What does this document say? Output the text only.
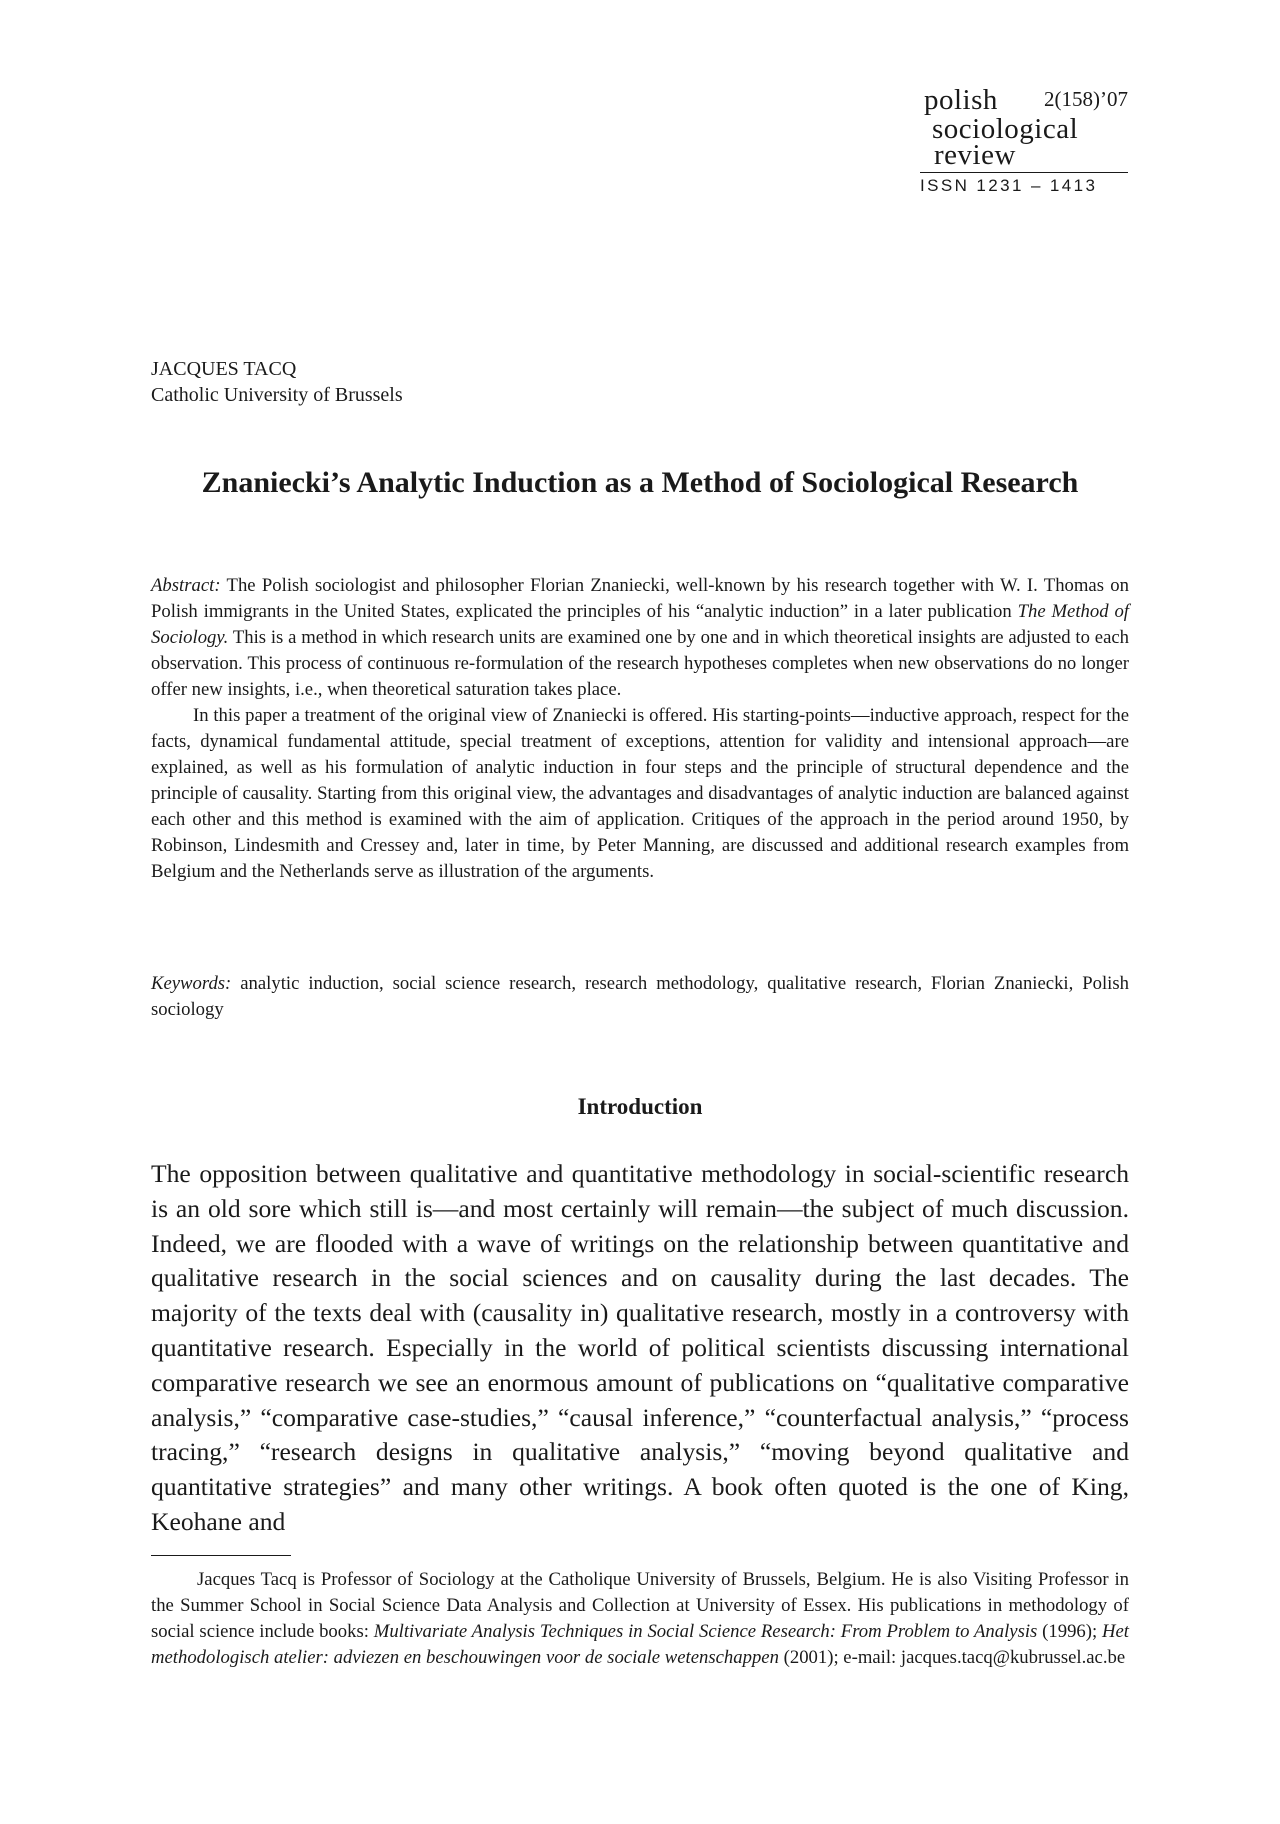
polish 2(158)’07
sociological
review
ISSN 1231 – 1413
JACQUES TACQ
Catholic University of Brussels
Znaniecki’s Analytic Induction as a Method of Sociological Research

Abstract: The Polish sociologist and philosopher Florian Znaniecki, well-known by his research together with W. I. Thomas on Polish immigrants in the United States, explicated the principles of his “analytic induction” in a later publication The Method of Sociology. This is a method in which research units are examined one by one and in which theoretical insights are adjusted to each observation. This process of continuous re-formulation of the research hypotheses completes when new observations do no longer offer new insights, i.e., when theoretical saturation takes place.

In this paper a treatment of the original view of Znaniecki is offered. His starting-points—inductive approach, respect for the facts, dynamical fundamental attitude, special treatment of exceptions, attention for validity and intensional approach—are explained, as well as his formulation of analytic induction in four steps and the principle of structural dependence and the principle of causality. Starting from this original view, the advantages and disadvantages of analytic induction are balanced against each other and this method is examined with the aim of application. Critiques of the approach in the period around 1950, by Robinson, Lindesmith and Cressey and, later in time, by Peter Manning, are discussed and additional research examples from Belgium and the Netherlands serve as illustration of the arguments.

Keywords: analytic induction, social science research, research methodology, qualitative research, Florian Znaniecki, Polish sociology

Introduction

The opposition between qualitative and quantitative methodology in social-scientific research is an old sore which still is—and most certainly will remain—the subject of much discussion. Indeed, we are flooded with a wave of writings on the relationship between quantitative and qualitative research in the social sciences and on causality during the last decades. The majority of the texts deal with (causality in) qualitative research, mostly in a controversy with quantitative research. Especially in the world of political scientists discussing international comparative research we see an enormous amount of publications on “qualitative comparative analysis,” “comparative case-studies,” “causal inference,” “counterfactual analysis,” “process tracing,” “research designs in qualitative analysis,” “moving beyond qualitative and quantitative strategies” and many other writings. A book often quoted is the one of King, Keohane and

Jacques Tacq is Professor of Sociology at the Catholique University of Brussels, Belgium. He is also Visiting Professor in the Summer School in Social Science Data Analysis and Collection at University of Essex. His publications in methodology of social science include books: Multivariate Analysis Techniques in Social Science Research: From Problem to Analysis (1996); Het methodologisch atelier: adviezen en beschouwingen voor de sociale wetenschappen (2001); e-mail: jacques.tacq@kubrussel.ac.be
